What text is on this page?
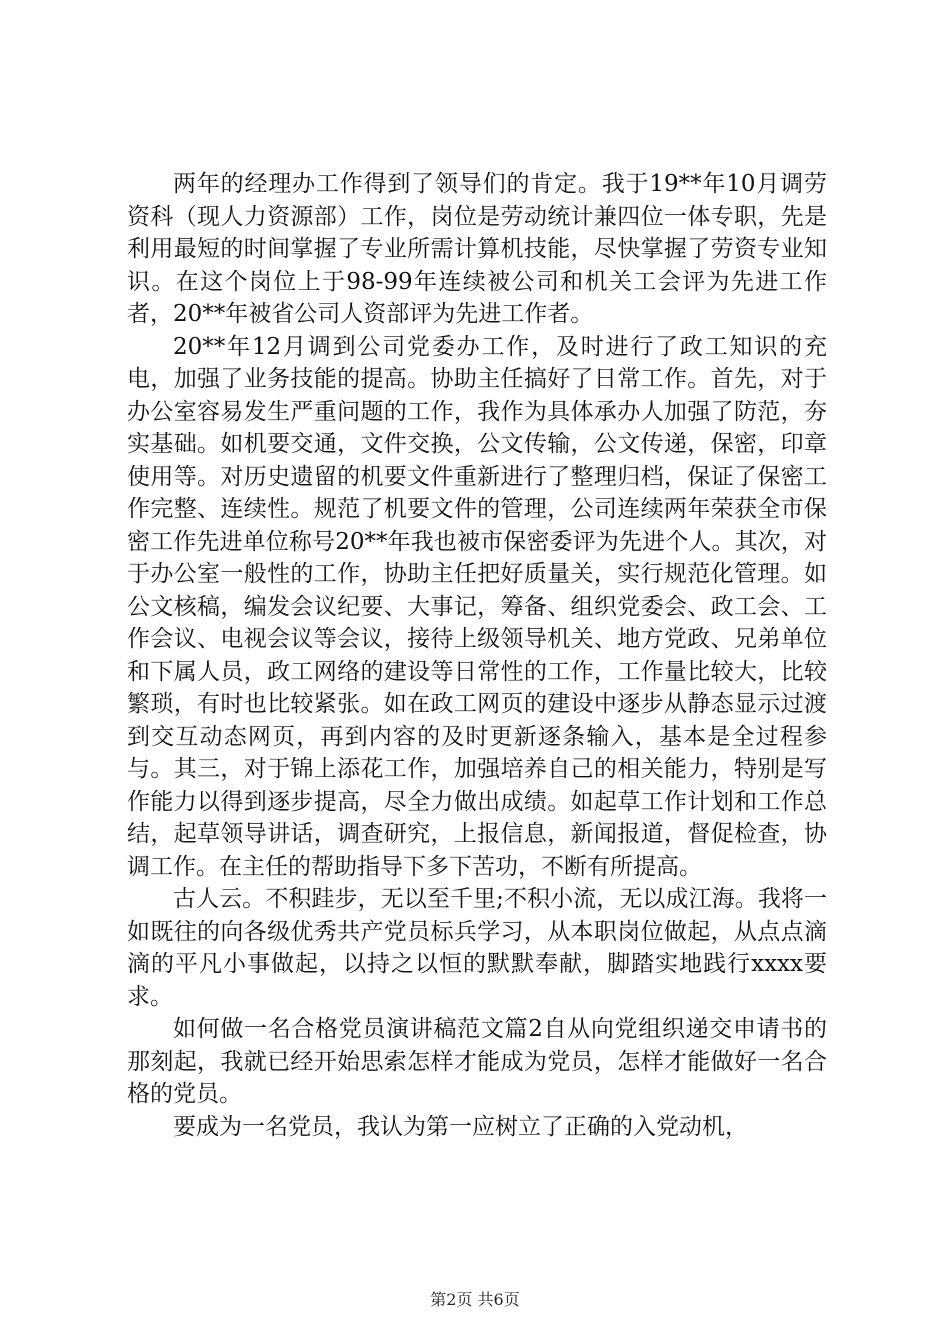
两年的经理办工作得到了领导们的肯定。我于19**年10月调劳资科（现人力资源部）工作，岗位是劳动统计兼四位一体专职，先是利用最短的时间掌握了专业所需计算机技能，尽快掌握了劳资专业知识。在这个岗位上于98-99年连续被公司和机关工会评为先进工作者，20**年被省公司人资部评为先进工作者。

20**年12月调到公司党委办工作，及时进行了政工知识的充电，加强了业务技能的提高。协助主任搞好了日常工作。首先，对于办公室容易发生严重问题的工作，我作为具体承办人加强了防范，夯实基础。如机要交通，文件交换，公文传输，公文传递，保密，印章使用等。对历史遗留的机要文件重新进行了整理归档，保证了保密工作完整、连续性。规范了机要文件的管理，公司连续两年荣获全市保密工作先进单位称号20**年我也被市保密委评为先进个人。其次，对于办公室一般性的工作，协助主任把好质量关，实行规范化管理。如公文核稿，编发会议纪要、大事记，筹备、组织党委会、政工会、工作会议、电视会议等会议，接待上级领导机关、地方党政、兄弟单位和下属人员，政工网络的建设等日常性的工作，工作量比较大，比较繁琐，有时也比较紧张。如在政工网页的建设中逐步从静态显示过渡到交互动态网页，再到内容的及时更新逐条输入，基本是全过程参与。其三，对于锦上添花工作，加强培养自己的相关能力，特别是写作能力以得到逐步提高，尽全力做出成绩。如起草工作计划和工作总结，起草领导讲话，调查研究，上报信息，新闻报道，督促检查，协调工作。在主任的帮助指导下多下苦功，不断有所提高。

古人云。不积跬步，无以至千里;不积小流，无以成江海。我将一如既往的向各级优秀共产党员标兵学习，从本职岗位做起，从点点滴滴的平凡小事做起，以持之以恒的默默奉献，脚踏实地践行xxxx要求。

如何做一名合格党员演讲稿范文篇2自从向党组织递交申请书的那刻起，我就已经开始思索怎样才能成为党员，怎样才能做好一名合格的党员。

要成为一名党员，我认为第一应树立了正确的入党动机，

第2页 共6页
